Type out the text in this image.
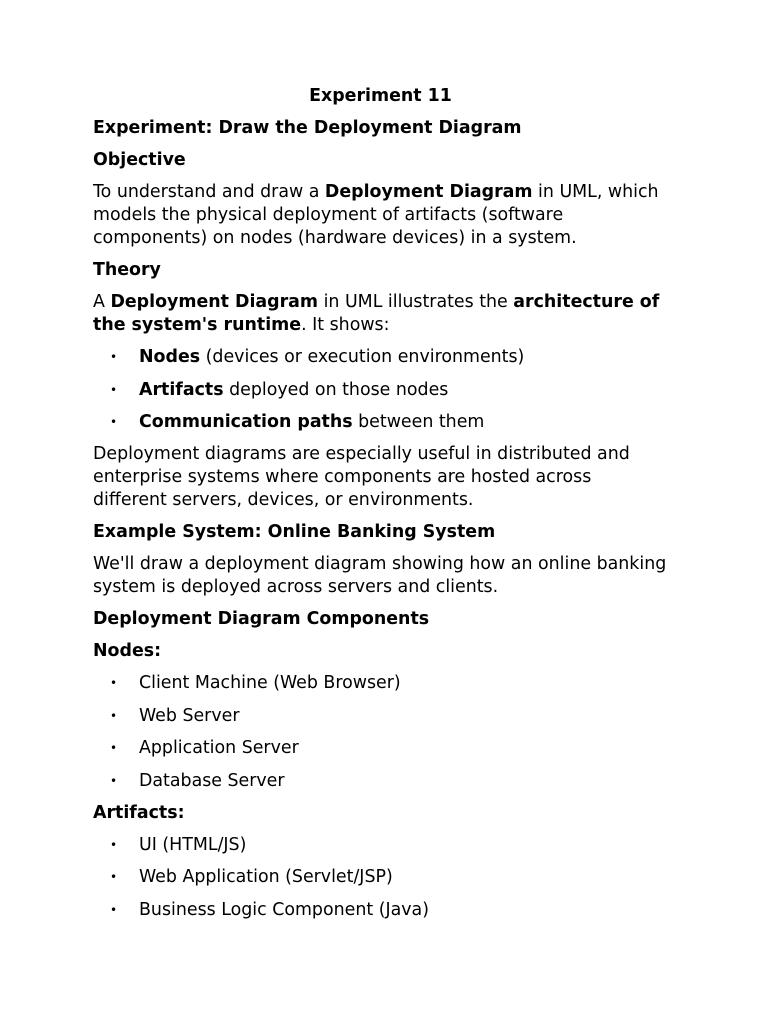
Experiment 11
Experiment: Draw the Deployment Diagram
Objective
To understand and draw a Deployment Diagram in UML, which models the physical deployment of artifacts (software components) on nodes (hardware devices) in a system.
Theory
A Deployment Diagram in UML illustrates the architecture of the system's runtime. It shows:
• Nodes (devices or execution environments)
• Artifacts deployed on those nodes
• Communication paths between them
Deployment diagrams are especially useful in distributed and enterprise systems where components are hosted across different servers, devices, or environments.
Example System: Online Banking System
We'll draw a deployment diagram showing how an online banking system is deployed across servers and clients.
Deployment Diagram Components
Nodes:
• Client Machine (Web Browser)
• Web Server
• Application Server
• Database Server
Artifacts:
• UI (HTML/JS)
• Web Application (Servlet/JSP)
• Business Logic Component (Java)
